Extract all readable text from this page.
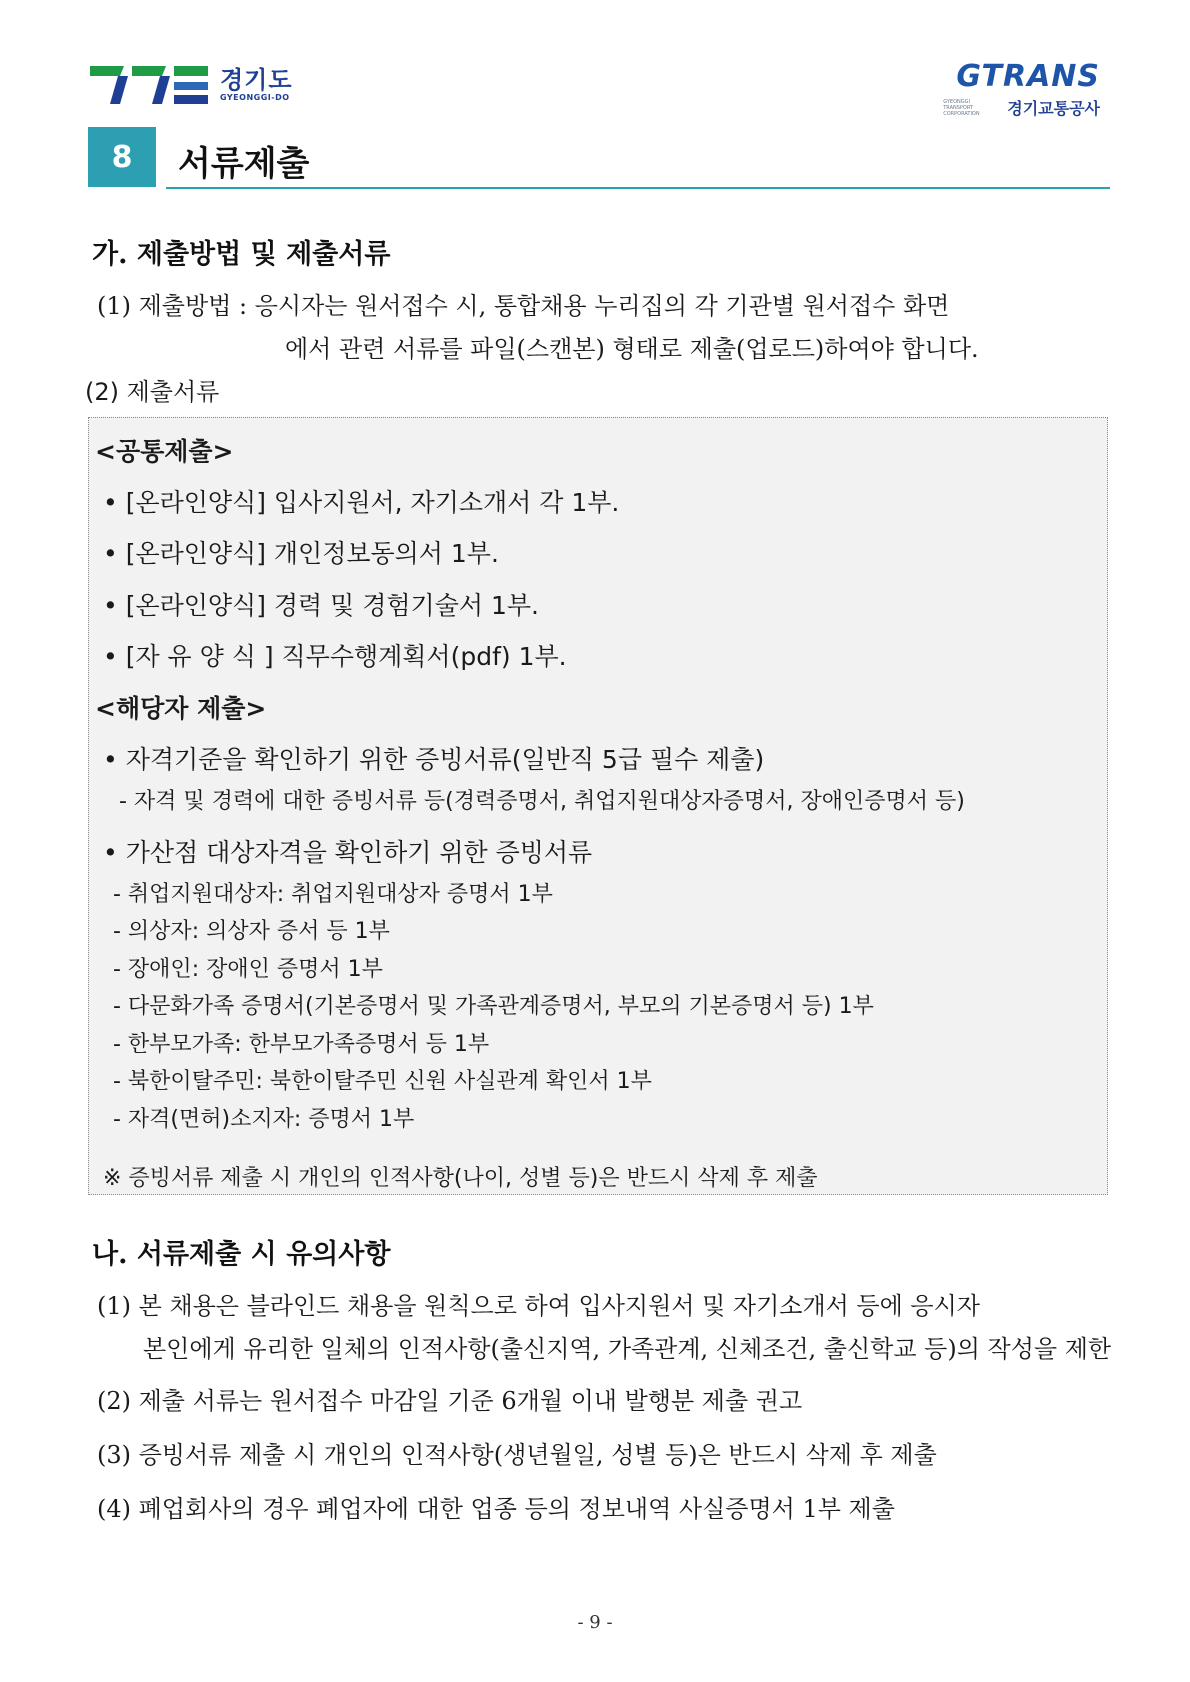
경기도
GYEONGGI-DO
GTRANS
GYEONGGI TRANSPORT CORPORATION	경기교통공사
8	서류제출
가. 제출방법 및 제출서류
(1) 제출방법 : 응시자는 원서접수 시, 통합채용 누리집의 각 기관별 원서접수 화면
에서 관련 서류를 파일(스캔본) 형태로 제출(업로드)하여야 합니다.
(2) 제출서류
<공통제출>
• [온라인양식] 입사지원서, 자기소개서 각 1부.
• [온라인양식] 개인정보동의서 1부.
• [온라인양식] 경력 및 경험기술서 1부.
• [자 유 양 식 ] 직무수행계획서(pdf) 1부.
<해당자 제출>
• 자격기준을 확인하기 위한 증빙서류(일반직 5급 필수 제출)
- 자격 및 경력에 대한 증빙서류 등(경력증명서, 취업지원대상자증명서, 장애인증명서 등)
• 가산점 대상자격을 확인하기 위한 증빙서류
- 취업지원대상자: 취업지원대상자 증명서 1부
- 의상자: 의상자 증서 등 1부
- 장애인: 장애인 증명서 1부
- 다문화가족 증명서(기본증명서 및 가족관계증명서, 부모의 기본증명서 등) 1부
- 한부모가족: 한부모가족증명서 등 1부
- 북한이탈주민: 북한이탈주민 신원 사실관계 확인서 1부
- 자격(면허)소지자: 증명서 1부
※ 증빙서류 제출 시 개인의 인적사항(나이, 성별 등)은 반드시 삭제 후 제출
나. 서류제출 시 유의사항
(1) 본 채용은 블라인드 채용을 원칙으로 하여 입사지원서 및 자기소개서 등에 응시자
본인에게 유리한 일체의 인적사항(출신지역, 가족관계, 신체조건, 출신학교 등)의 작성을 제한
(2) 제출 서류는 원서접수 마감일 기준 6개월 이내 발행분 제출 권고
(3) 증빙서류 제출 시 개인의 인적사항(생년월일, 성별 등)은 반드시 삭제 후 제출
(4) 폐업회사의 경우 폐업자에 대한 업종 등의 정보내역 사실증명서 1부 제출
- 9 -
